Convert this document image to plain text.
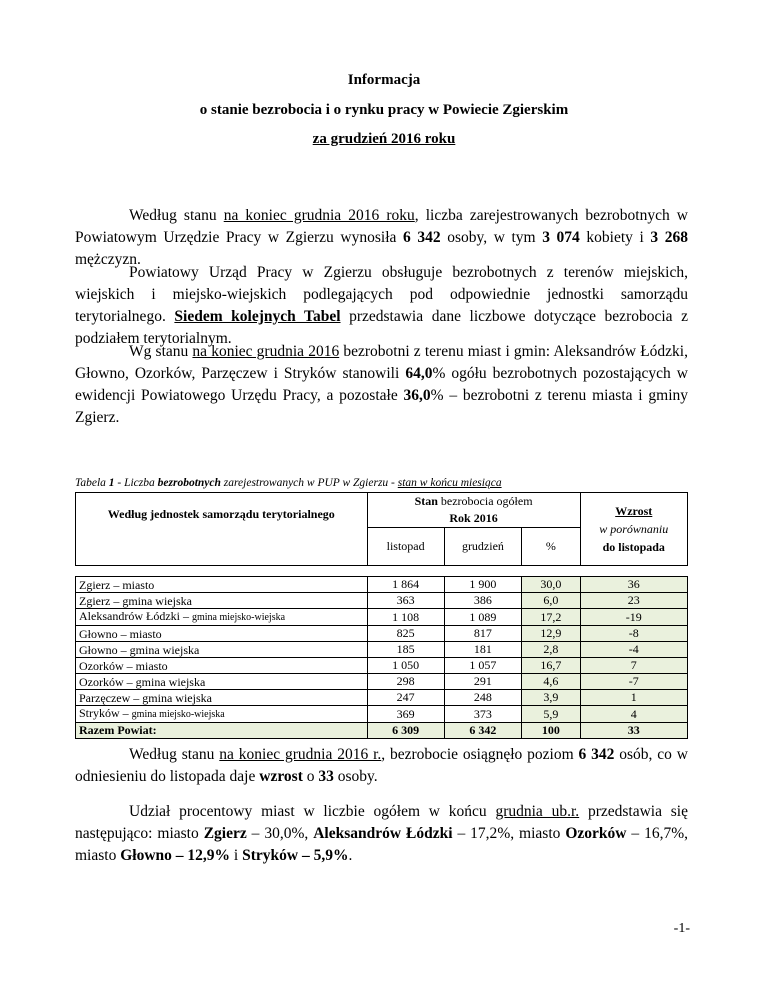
Informacja
o stanie bezrobocia i o rynku pracy w Powiecie Zgierskim
za grudzień 2016 roku
Według stanu na koniec grudnia 2016 roku, liczba zarejestrowanych bezrobotnych w Powiatowym Urzędzie Pracy w Zgierzu wynosiła 6 342 osoby, w tym 3 074 kobiety i 3 268 mężczyzn.
Powiatowy Urząd Pracy w Zgierzu obsługuje bezrobotnych z terenów miejskich, wiejskich i miejsko-wiejskich podlegających pod odpowiednie jednostki samorządu terytorialnego. Siedem kolejnych Tabel przedstawia dane liczbowe dotyczące bezrobocia z podziałem terytorialnym.
Wg stanu na koniec grudnia 2016 bezrobotni z terenu miast i gmin: Aleksandrów Łódzki, Głowno, Ozorków, Parzęczew i Stryków stanowili 64,0% ogółu bezrobotnych pozostających w ewidencji Powiatowego Urzędu Pracy, a pozostałe 36,0% – bezrobotni z terenu miasta i gminy Zgierz.
Tabela 1 - Liczba bezrobotnych zarejestrowanych w PUP w Zgierzu - stan w końcu miesiąca
Według jednostek samorządu terytorialnego	Stan bezrobocia ogółem
Rok 2016			Wzrost
w porównaniu
do listopada
	listopad	grudzień	%	

Zgierz – miasto	1 864	1 900	30,0	36
Zgierz – gmina wiejska	363	386	6,0	23
Aleksandrów Łódzki – gmina miejsko-wiejska	1 108	1 089	17,2	-19
Głowno – miasto	825	817	12,9	-8
Głowno – gmina wiejska	185	181	2,8	-4
Ozorków – miasto	1 050	1 057	16,7	7
Ozorków – gmina wiejska	298	291	4,6	-7
Parzęczew – gmina wiejska	247	248	3,9	1
Stryków – gmina miejsko-wiejska	369	373	5,9	4
Razem Powiat:	6 309	6 342	100	33
Według stanu na koniec grudnia 2016 r., bezrobocie osiągnęło poziom 6 342 osób, co w odniesieniu do listopada daje wzrost o 33 osoby.
Udział procentowy miast w liczbie ogółem w końcu grudnia ub.r. przedstawia się następująco: miasto Zgierz – 30,0%, Aleksandrów Łódzki – 17,2%, miasto Ozorków – 16,7%, miasto Głowno – 12,9% i Stryków – 5,9%.
-1-
